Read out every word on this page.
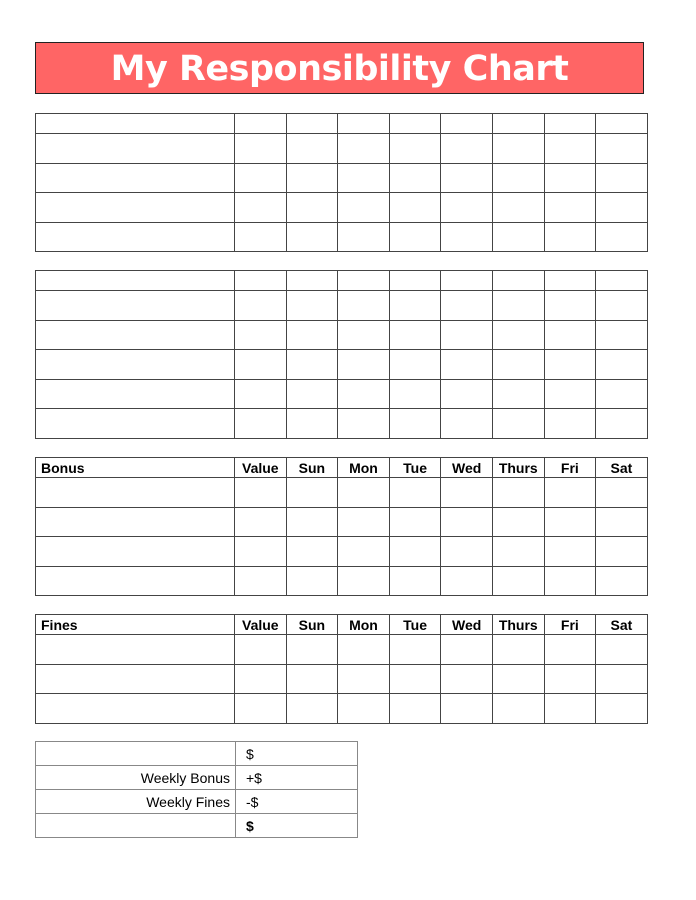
My Responsibility Chart

Bonus	Value	Sun	Mon	Tue	Wed	Thurs	Fri	Sat

Fines	Value	Sun	Mon	Tue	Wed	Thurs	Fri	Sat

	$
Weekly Bonus	+$
Weekly Fines	-$
	$
